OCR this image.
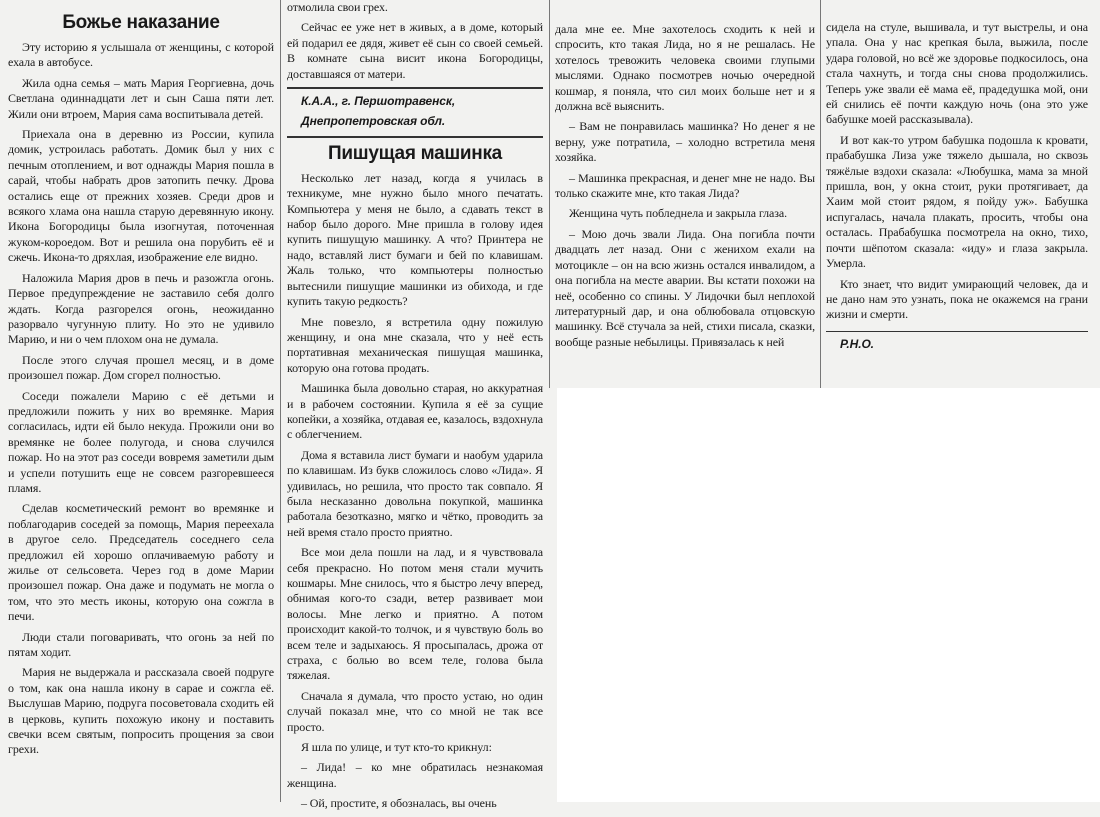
Божье наказание

Эту историю я услышала от женщины, с которой ехала в автобусе.

Жила одна семья – мать Мария Георгиевна, дочь Светлана одиннадцати лет и сын Саша пяти лет. Жили они втроем, Мария сама воспитывала детей.

Приехала она в деревню из России, купила домик, устроилась работать. Домик был у них с печным отоплением, и вот однажды Мария пошла в сарай, чтобы набрать дров затопить печку. Дрова остались еще от прежних хозяев. Среди дров и всякого хлама она нашла старую деревянную икону. Икона Богородицы была изогнутая, поточенная жуком-короедом. Вот и решила она порубить её и сжечь. Икона-то дряхлая, изображение еле видно.

Наложила Мария дров в печь и разожгла огонь. Первое предупреждение не заставило себя долго ждать. Когда разгорелся огонь, неожиданно разорвало чугунную плиту. Но это не удивило Марию, и ни о чем плохом она не думала.

После этого случая прошел месяц, и в доме произошел пожар. Дом сгорел полностью.

Соседи пожалели Марию с её детьми и предложили пожить у них во времянке. Мария согласилась, идти ей было некуда. Прожили они во времянке не более полугода, и снова случился пожар. Но на этот раз соседи вовремя заметили дым и успели потушить еще не совсем разгоревшееся пламя.

Сделав косметический ремонт во времянке и поблагодарив соседей за помощь, Мария переехала в другое село. Председатель соседнего села предложил ей хорошо оплачиваемую работу и жилье от сельсовета. Через год в доме Марии произошел пожар. Она даже и подумать не могла о том, что это месть иконы, которую она сожгла в печи.

Люди стали поговаривать, что огонь за ней по пятам ходит.

Мария не выдержала и рассказала своей подруге о том, как она нашла икону в сарае и сожгла её. Выслушав Марию, подруга посоветовала сходить ей в церковь, купить похожую икону и поставить свечки всем святым, попросить прощения за свои грехи.

отмолила свои грех.

Сейчас ее уже нет в живых, а в доме, который ей подарил ее дядя, живет её сын со своей семьей. В комнате сына висит икона Богородицы, доставшаяся от матери.

К.А.А., г. Першотравенск,

Днепропетровская обл.

Пишущая машинка

Несколько лет назад, когда я училась в техникуме, мне нужно было много печатать. Компьютера у меня не было, а сдавать текст в набор было дорого. Мне пришла в голову идея купить пишущую машинку. А что? Принтера не надо, вставляй лист бумаги и бей по клавишам. Жаль только, что компьютеры полностью вытеснили пишущие машинки из обихода, и где купить такую редкость?

Мне повезло, я встретила одну пожилую женщину, и она мне сказала, что у неё есть портативная механическая пишущая машинка, которую она готова продать.

Машинка была довольно старая, но аккуратная и в рабочем состоянии. Купила я её за сущие копейки, а хозяйка, отдавая ее, казалось, вздохнула с облегчением.

Дома я вставила лист бумаги и наобум ударила по клавишам. Из букв сложилось слово «Лида». Я удивилась, но решила, что просто так совпало. Я была несказанно довольна покупкой, машинка работала безотказно, мягко и чётко, проводить за ней время стало просто приятно.

Все мои дела пошли на лад, и я чувствовала себя прекрасно. Но потом меня стали мучить кошмары. Мне снилось, что я быстро лечу вперед, обнимая кого-то сзади, ветер развивает мои волосы. Мне легко и приятно. А потом происходит какой-то толчок, и я чувствую боль во всем теле и задыхаюсь. Я просыпалась, дрожа от страха, с болью во всем теле, голова была тяжелая.

Сначала я думала, что просто устаю, но один случай показал мне, что со мной не так все просто.

Я шла по улице, и тут кто-то крикнул:

– Лида! – ко мне обратилась незнакомая женщина.

– Ой, простите, я обозналась, вы очень

дала мне ее. Мне захотелось сходить к ней и спросить, кто такая Лида, но я не решалась. Не хотелось тревожить человека своими глупыми мыслями. Однако посмотрев ночью очередной кошмар, я поняла, что сил моих больше нет и я должна всё выяснить.

– Вам не понравилась машинка? Но денег я не верну, уже потратила, – холодно встретила меня хозяйка.

– Машинка прекрасная, и денег мне не надо. Вы только скажите мне, кто такая Лида?

Женщина чуть побледнела и закрыла глаза.

– Мою дочь звали Лида. Она погибла почти двадцать лет назад. Они с женихом ехали на мотоцикле – он на всю жизнь остался инвалидом, а она погибла на месте аварии. Вы кстати похожи на неё, особенно со спины. У Лидочки был неплохой литературный дар, и она облюбовала отцовскую машинку. Всё стучала за ней, стихи писала, сказки, вообще разные небылицы. Привязалась к ней

сидела на стуле, вышивала, и тут выстрелы, и она упала. Она у нас крепкая была, выжила, после удара головой, но всё же здоровье подкосилось, она стала чахнуть, и тогда сны снова продолжились. Теперь уже звали её мама её, прадедушка мой, они ей снились её почти каждую ночь (она это уже бабушке моей рассказывала).

И вот как-то утром бабушка подошла к кровати, прабабушка Лиза уже тяжело дышала, но сквозь тяжёлые вздохи сказала: «Любушка, мама за мной пришла, вон, у окна стоит, руки протягивает, да Хаим мой стоит рядом, я пойду уж». Бабушка испугалась, начала плакать, просить, чтобы она осталась. Прабабушка посмотрела на окно, тихо, почти шёпотом сказала: «иду» и глаза закрыла. Умерла.

Кто знает, что видит умирающий человек, да и не дано нам это узнать, пока не окажемся на грани жизни и смерти.

Р.Н.О.
